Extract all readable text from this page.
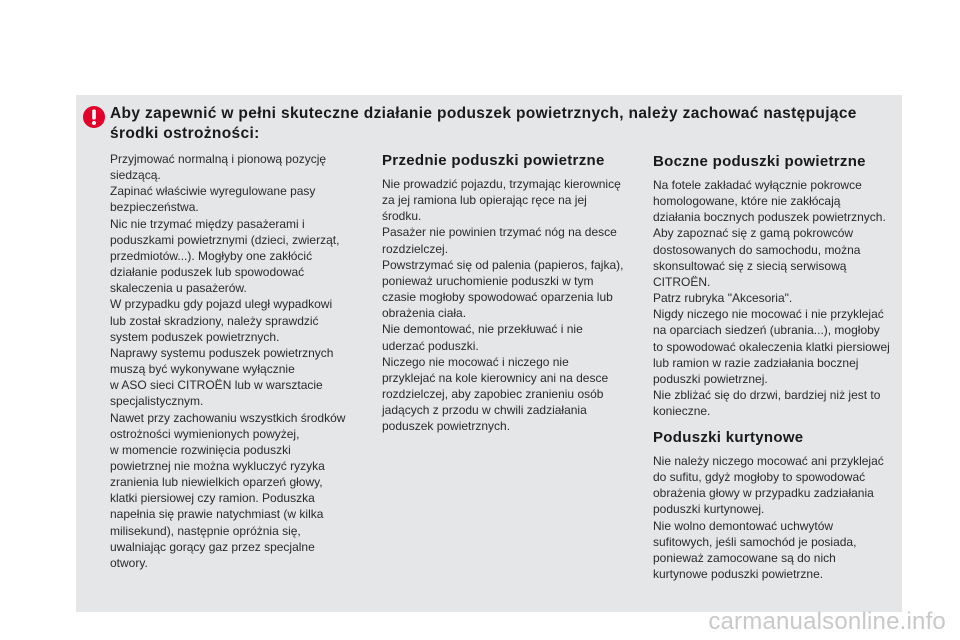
Aby zapewnić w pełni skuteczne działanie poduszek powietrznych, należy zachować następujące
środki ostrożności:

Przyjmować normalną i pionową pozycję

siedzącą.

Zapinać właściwie wyregulowane pasy

bezpieczeństwa.

Nic nie trzymać między pasażerami i

poduszkami powietrznymi (dzieci, zwierząt,

przedmiotów...). Mogłyby one zakłócić

działanie poduszek lub spowodować

skaleczenia u pasażerów.

W przypadku gdy pojazd uległ wypadkowi

lub został skradziony, należy sprawdzić

system poduszek powietrznych.

Naprawy systemu poduszek powietrznych

muszą być wykonywane wyłącznie

w ASO sieci CITROËN lub w warsztacie

specjalistycznym.

Nawet przy zachowaniu wszystkich środków

ostrożności wymienionych powyżej,

w momencie rozwinięcia poduszki

powietrznej nie można wykluczyć ryzyka

zranienia lub niewielkich oparzeń głowy,

klatki piersiowej czy ramion. Poduszka

napełnia się prawie natychmiast (w kilka

milisekund), następnie opróżnia się,

uwalniając gorący gaz przez specjalne

otwory.

Przednie poduszki powietrzne

Nie prowadzić pojazdu, trzymając kierownicę

za jej ramiona lub opierając ręce na jej

środku.

Pasażer nie powinien trzymać nóg na desce

rozdzielczej.

Powstrzymać się od palenia (papieros, fajka),

ponieważ uruchomienie poduszki w tym

czasie mogłoby spowodować oparzenia lub

obrażenia ciała.

Nie demontować, nie przekłuwać i nie

uderzać poduszki.

Niczego nie mocować i niczego nie

przyklejać na kole kierownicy ani na desce

rozdzielczej, aby zapobiec zranieniu osób

jadących z przodu w chwili zadziałania

poduszek powietrznych.

Boczne poduszki powietrzne

Na fotele zakładać wyłącznie pokrowce

homologowane, które nie zakłócają

działania bocznych poduszek powietrznych.

Aby zapoznać się z gamą pokrowców

dostosowanych do samochodu, można

skonsultować się z siecią serwisową

CITROËN.

Patrz rubryka "Akcesoria".

Nigdy niczego nie mocować i nie przyklejać

na oparciach siedzeń (ubrania...), mogłoby

to spowodować okaleczenia klatki piersiowej

lub ramion w razie zadziałania bocznej

poduszki powietrznej.

Nie zbliżać się do drzwi, bardziej niż jest to

konieczne.

Poduszki kurtynowe

Nie należy niczego mocować ani przyklejać

do sufitu, gdyż mogłoby to spowodować

obrażenia głowy w przypadku zadziałania

poduszki kurtynowej.

Nie wolno demontować uchwytów

sufitowych, jeśli samochód je posiada,

ponieważ zamocowane są do nich

kurtynowe poduszki powietrzne.

carmanualsonline.info
